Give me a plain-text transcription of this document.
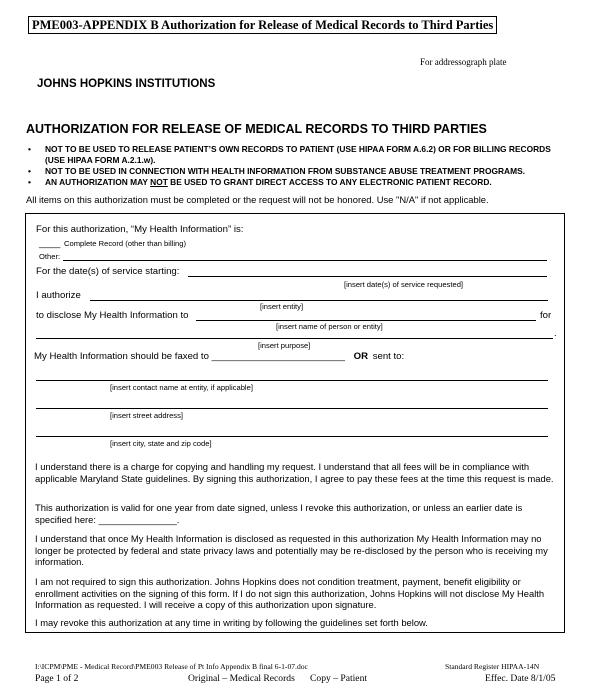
PME003-APPENDIX B Authorization for Release of Medical Records to Third Parties
For addressograph plate
JOHNS HOPKINS INSTITUTIONS
AUTHORIZATION FOR RELEASE OF MEDICAL RECORDS TO THIRD PARTIES
• NOT TO BE USED TO RELEASE PATIENT’S OWN RECORDS TO PATIENT (USE HIPAA FORM A.6.2) OR FOR BILLING RECORDS (USE HIPAA FORM A.2.1.w).
• NOT TO BE USED IN CONNECTION WITH HEALTH INFORMATION FROM SUBSTANCE ABUSE TREATMENT PROGRAMS.
• AN AUTHORIZATION MAY NOT BE USED TO GRANT DIRECT ACCESS TO ANY ELECTRONIC PATIENT RECORD.
All items on this authorization must be completed or the request will not be honored. Use "N/A" if not applicable.
For this authorization, “My Health Information” is:
____ Complete Record (other than billing)
Other:
For the date(s) of service starting:
[insert date(s) of service requested]
I authorize
[insert entity]
to disclose My Health Information to	for
[insert name of person or entity]
.
[insert purpose]
My Health Information should be faxed to _________________________ OR sent to:
[insert contact name at entity, if applicable]
[insert street address]
[insert city, state and zip code]
I understand there is a charge for copying and handling my request. I understand that all fees will be in compliance with applicable Maryland State guidelines. By signing this authorization, I agree to pay these fees at the time this request is made.
This authorization is valid for one year from date signed, unless I revoke this authorization, or unless an earlier date is specified here: _______________.
I understand that once My Health Information is disclosed as requested in this authorization My Health Information may no longer be protected by federal and state privacy laws and potentially may be re-disclosed by the person who is receiving my information.
I am not required to sign this authorization. Johns Hopkins does not condition treatment, payment, benefit eligibility or enrollment activities on the signing of this form. If I do not sign this authorization, Johns Hopkins will not disclose My Health Information as requested. I will receive a copy of this authorization upon signature.
I may revoke this authorization at any time in writing by following the guidelines set forth below.
I:\ICPM\PME - Medical Record\PME003 Release of Pt Info Appendix B final 6-1-07.doc	Standard Register HIPAA-14N
Page 1 of 2	Original – Medical Records Copy – Patient	Effec. Date 8/1/05
